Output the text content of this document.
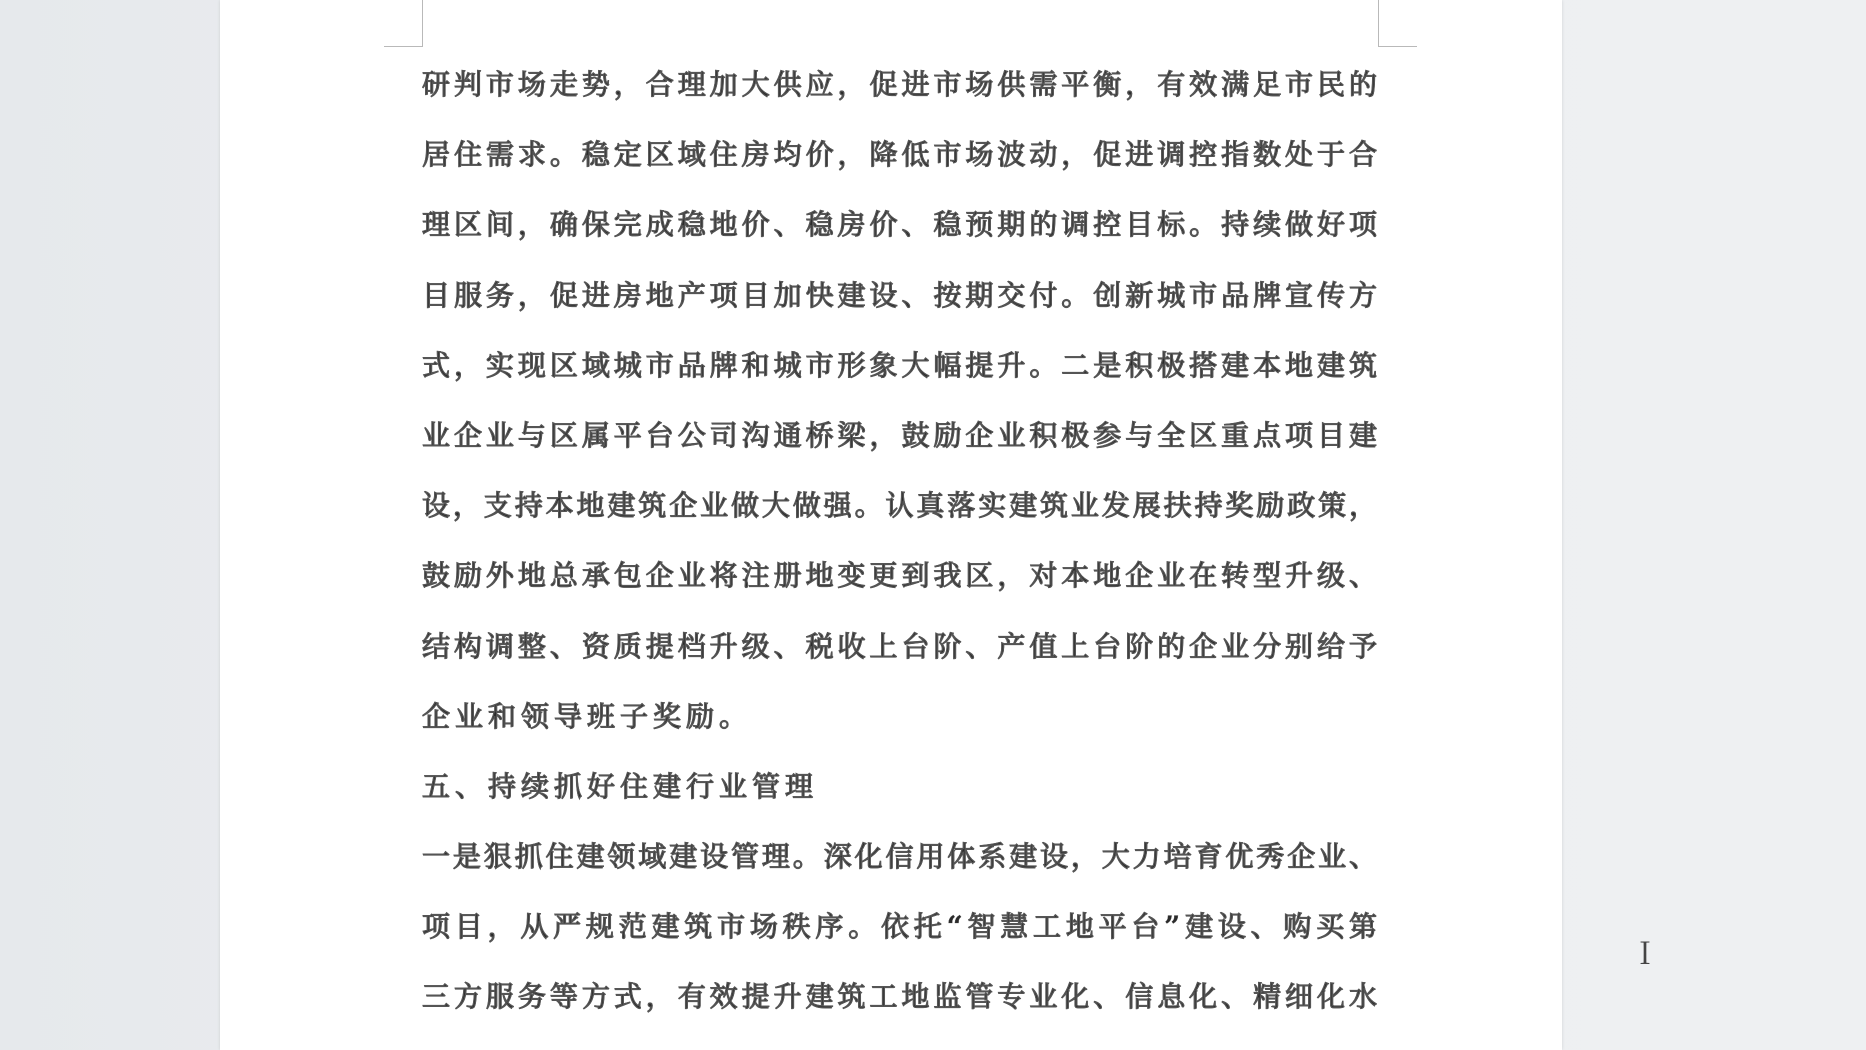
研判市场走势，合理加大供应，促进市场供需平衡，有效满足市民的
居住需求。稳定区域住房均价，降低市场波动，促进调控指数处于合
理区间，确保完成稳地价、稳房价、稳预期的调控目标。持续做好项
目服务，促进房地产项目加快建设、按期交付。创新城市品牌宣传方
式，实现区域城市品牌和城市形象大幅提升。二是积极搭建本地建筑
业企业与区属平台公司沟通桥梁，鼓励企业积极参与全区重点项目建
设，支持本地建筑企业做大做强。认真落实建筑业发展扶持奖励政策，
鼓励外地总承包企业将注册地变更到我区，对本地企业在转型升级、
结构调整、资质提档升级、税收上台阶、产值上台阶的企业分别给予
企业和领导班子奖励。
五、持续抓好住建行业管理
一是狠抓住建领域建设管理。深化信用体系建设，大力培育优秀企业、
项目，从严规范建筑市场秩序。依托“智慧工地平台”建设、购买第
三方服务等方式，有效提升建筑工地监管专业化、信息化、精细化水
Ｉ
